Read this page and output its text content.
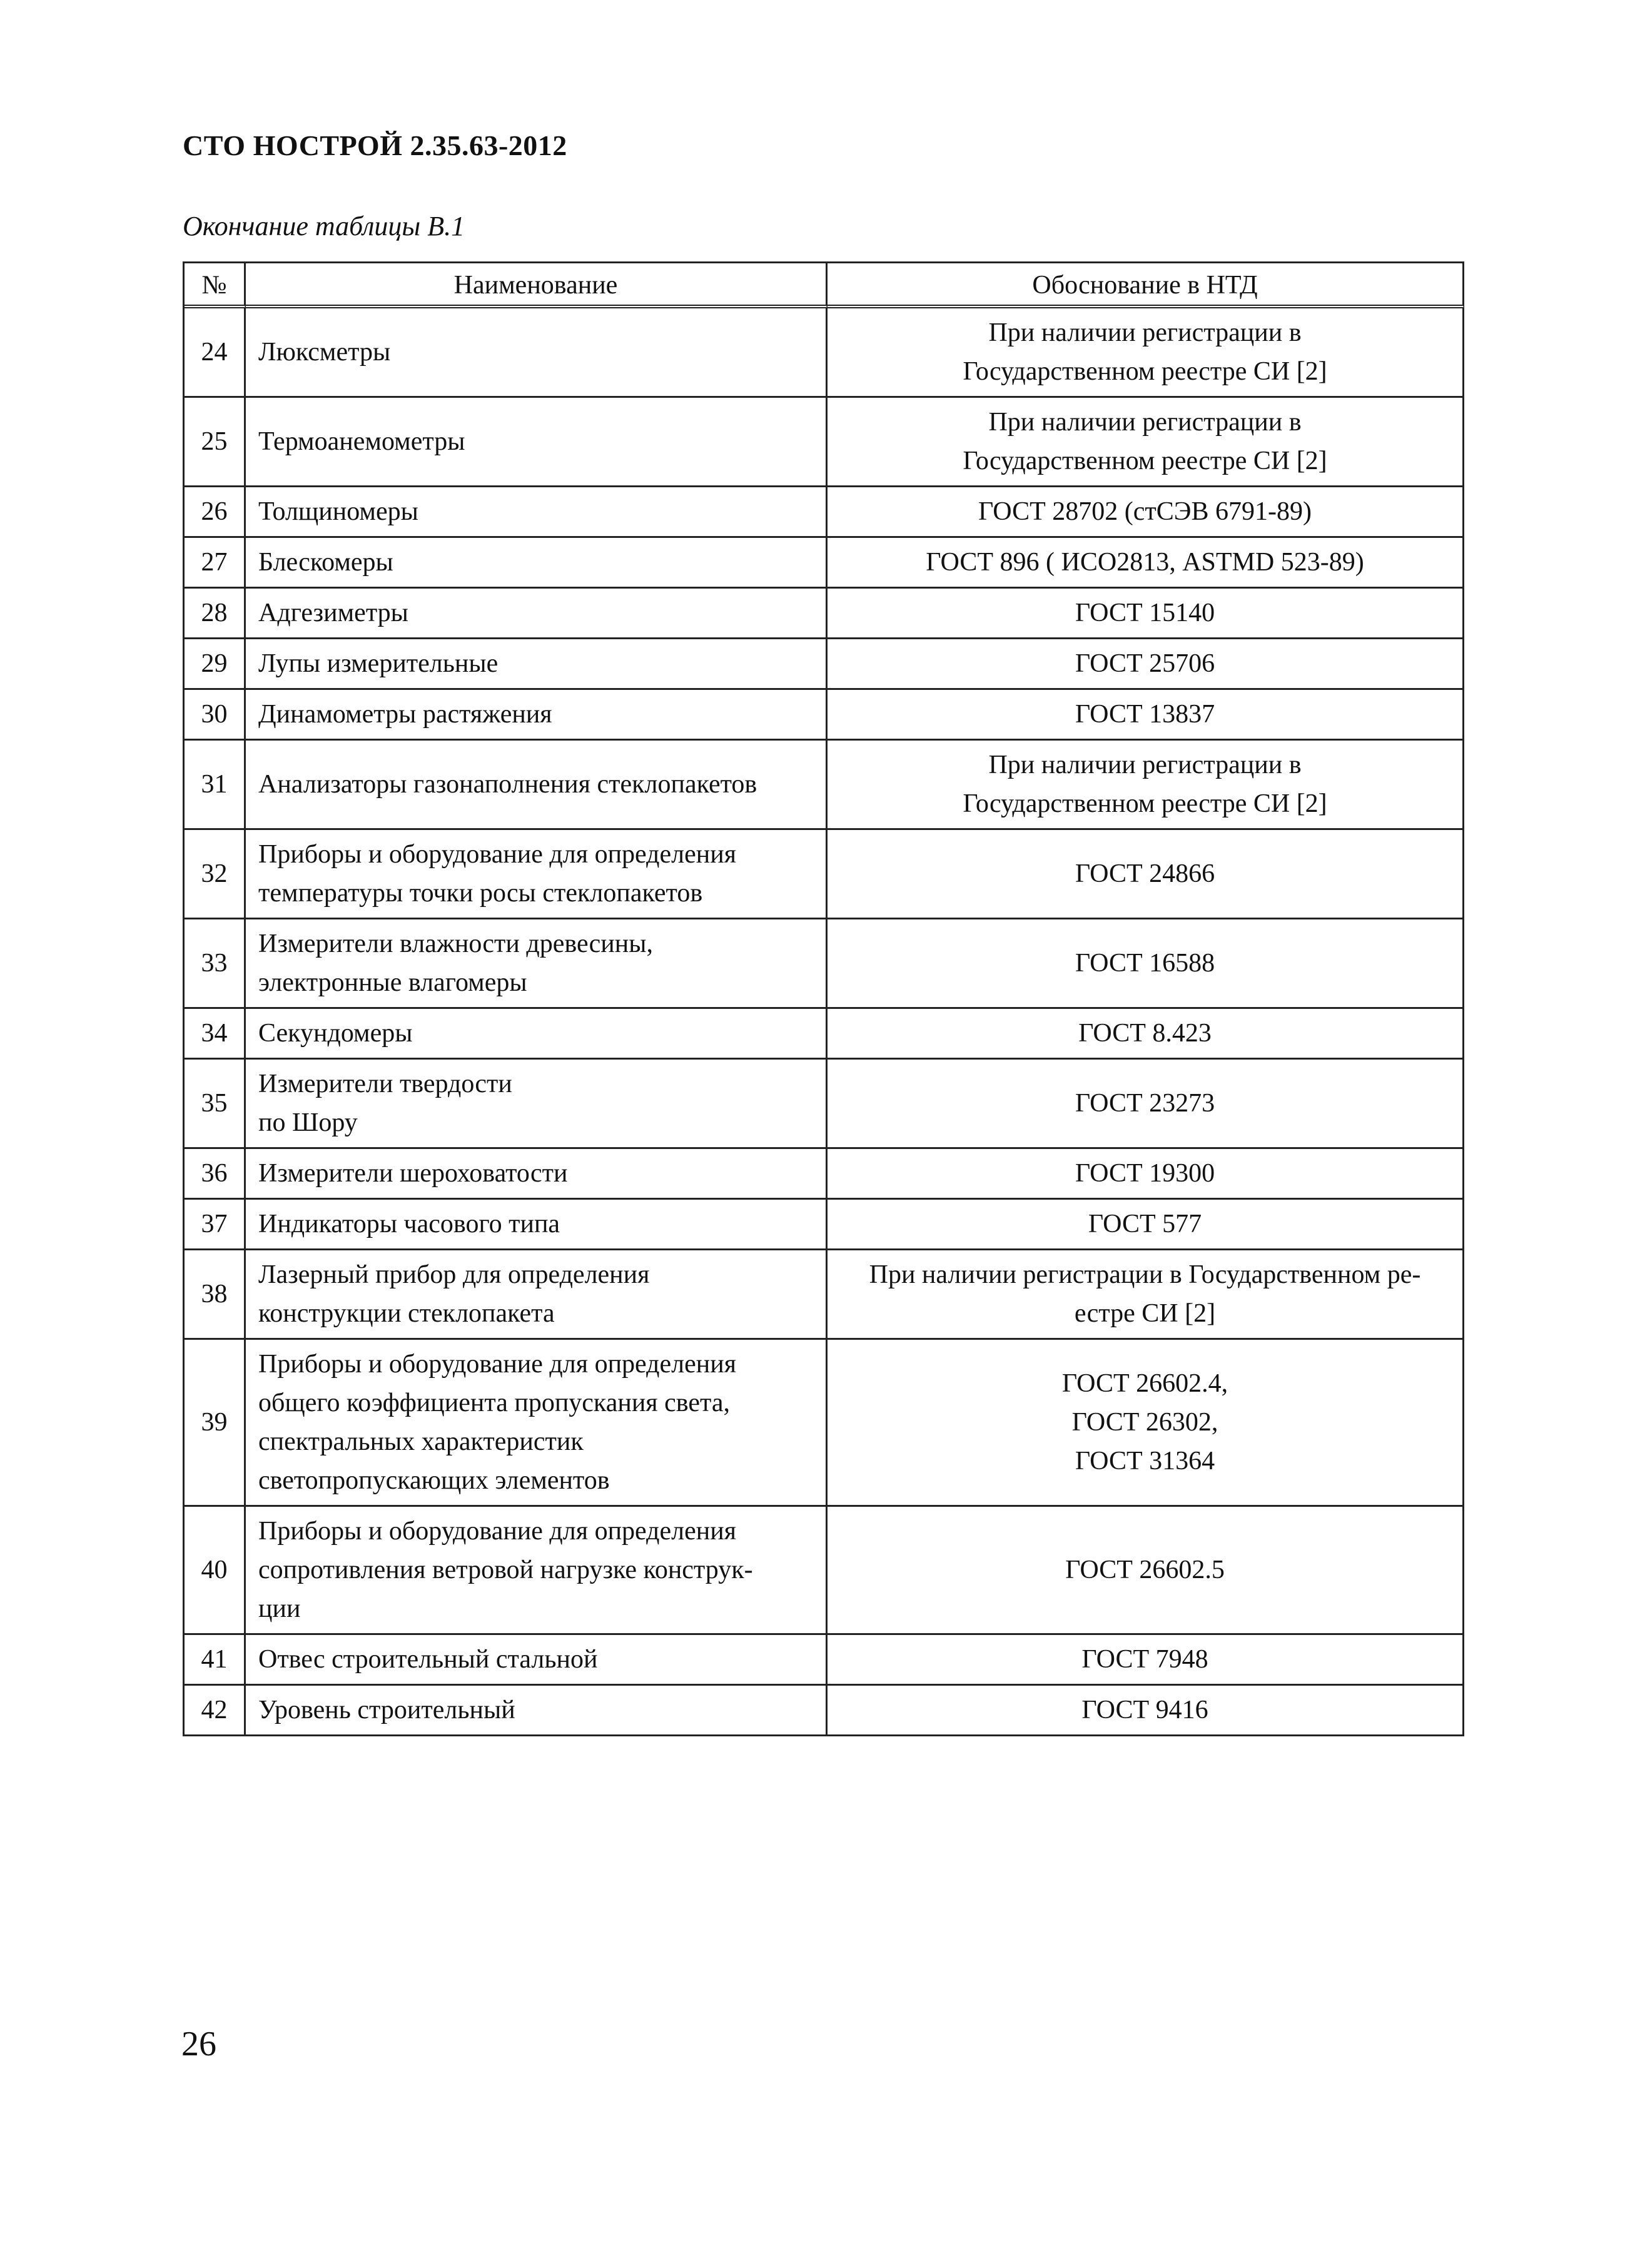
СТО НОСТРОЙ 2.35.63-2012
Окончание таблицы В.1
№	Наименование	Обоснование в НТД
24	Люксметры	При наличии регистрации в
Государственном реестре СИ [2]
25	Термоанемометры	При наличии регистрации в
Государственном реестре СИ [2]
26	Толщиномеры	ГОСТ 28702 (стСЭВ 6791-89)
27	Блескомеры	ГОСТ 896 ( ИСО2813, ASTMD 523-89)
28	Адгезиметры	ГОСТ 15140
29	Лупы измерительные	ГОСТ 25706
30	Динамометры растяжения	ГОСТ 13837
31	Анализаторы газонаполнения стеклопакетов	При наличии регистрации в
Государственном реестре СИ [2]
32	Приборы и оборудование для определения
температуры точки росы стеклопакетов	ГОСТ 24866
33	Измерители влажности древесины,
электронные влагомеры	ГОСТ 16588
34	Секундомеры	ГОСТ 8.423
35	Измерители твердости
по Шору	ГОСТ 23273
36	Измерители шероховатости	ГОСТ 19300
37	Индикаторы часового типа	ГОСТ 577
38	Лазерный прибор для определения
конструкции стеклопакета	При наличии регистрации в Государственном ре-
естре СИ [2]
39	Приборы и оборудование для определения
общего коэффициента пропускания света,
спектральных характеристик
светопропускающих элементов	ГОСТ 26602.4,
ГОСТ 26302,
ГОСТ 31364
40	Приборы и оборудование для определения
сопротивления ветровой нагрузке конструк-
ции	ГОСТ 26602.5
41	Отвес строительный стальной	ГОСТ 7948
42	Уровень строительный	ГОСТ 9416
26
